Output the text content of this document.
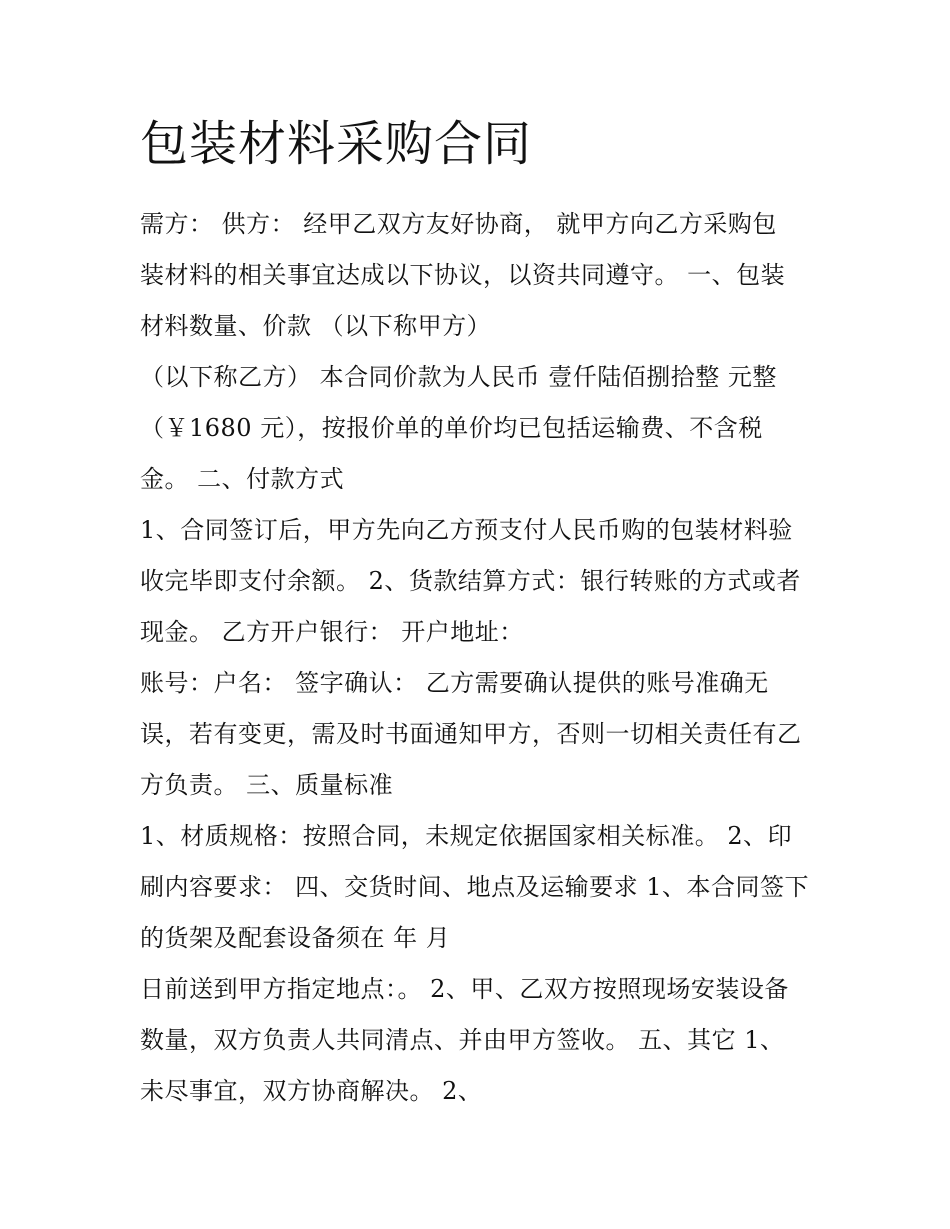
包装材料采购合同
需方： 供方： 经甲乙双方友好协商， 就甲方向乙方采购包
装材料的相关事宜达成以下协议，以资共同遵守。 一、包装
材料数量、价款 （以下称甲方）
（以下称乙方） 本合同价款为人民币 壹仟陆佰捌拾整 元整
（￥1680 元），按报价单的单价均已包括运输费、不含税
金。 二、付款方式
1、合同签订后，甲方先向乙方预支付人民币购的包装材料验
收完毕即支付余额。 2、货款结算方式：银行转账的方式或者
现金。 乙方开户银行： 开户地址：
账号：户名： 签字确认： 乙方需要确认提供的账号准确无
误，若有变更，需及时书面通知甲方，否则一切相关责任有乙
方负责。 三、质量标准
1、材质规格：按照合同，未规定依据国家相关标准。 2、印
刷内容要求： 四、交货时间、地点及运输要求 1、本合同签下
的货架及配套设备须在 年 月
日前送到甲方指定地点：。 2、甲、乙双方按照现场安装设备
数量，双方负责人共同清点、并由甲方签收。 五、其它 1、
未尽事宜，双方协商解决。 2、
